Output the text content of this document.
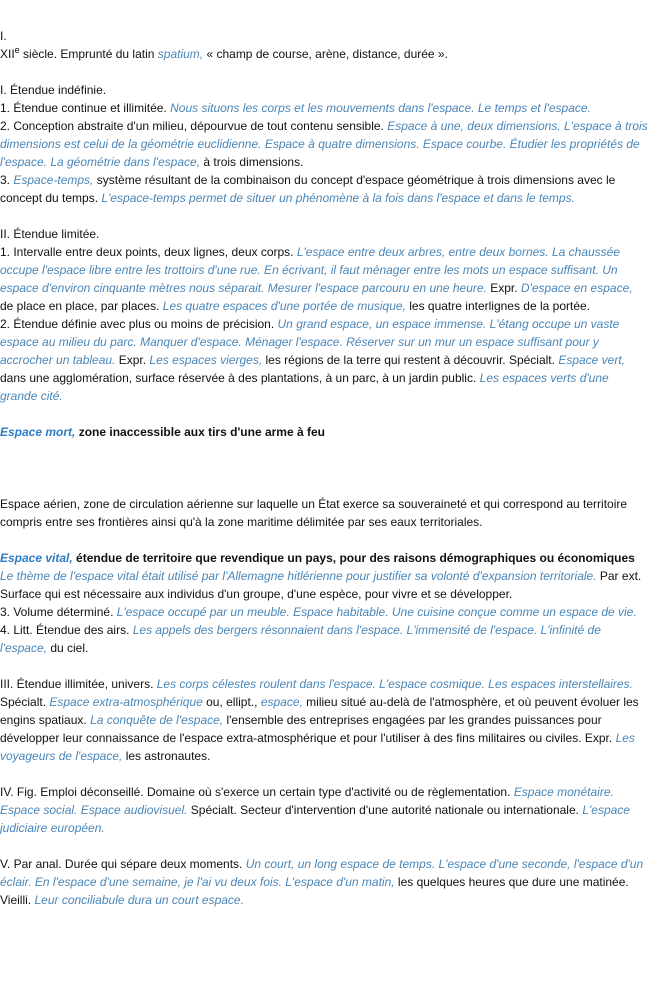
I.

XIIe siècle. Emprunté du latin spatium, « champ de course, arène, distance, durée ».

I. Étendue indéfinie.

1. Étendue continue et illimitée. Nous situons les corps et les mouvements dans l'espace. Le temps et l'espace.

2. Conception abstraite d'un milieu, dépourvue de tout contenu sensible. Espace à une, deux dimensions. L'espace à trois dimensions est celui de la géométrie euclidienne. Espace à quatre dimensions. Espace courbe. Étudier les propriétés de l'espace. La géométrie dans l'espace, à trois dimensions.

3. Espace-temps, système résultant de la combinaison du concept d'espace géométrique à trois dimensions avec le concept du temps. L'espace-temps permet de situer un phénomène à la fois dans l'espace et dans le temps.

II. Étendue limitée.

1. Intervalle entre deux points, deux lignes, deux corps. L'espace entre deux arbres, entre deux bornes. La chaussée occupe l'espace libre entre les trottoirs d'une rue. En écrivant, il faut ménager entre les mots un espace suffisant. Un espace d'environ cinquante mètres nous séparait. Mesurer l'espace parcouru en une heure. Expr. D'espace en espace, de place en place, par places. Les quatre espaces d'une portée de musique, les quatre interlignes de la portée.

2. Étendue définie avec plus ou moins de précision. Un grand espace, un espace immense. L'étang occupe un vaste espace au milieu du parc. Manquer d'espace. Ménager l'espace. Réserver sur un mur un espace suffisant pour y accrocher un tableau. Expr. Les espaces vierges, les régions de la terre qui restent à découvrir. Spécialt. Espace vert, dans une agglomération, surface réservée à des plantations, à un parc, à un jardin public. Les espaces verts d'une grande cité.

Espace mort, zone inaccessible aux tirs d'une arme à feu

Espace aérien, zone de circulation aérienne sur laquelle un État exerce sa souveraineté et qui correspond au territoire compris entre ses frontières ainsi qu'à la zone maritime délimitée par ses eaux territoriales.

Espace vital, étendue de territoire que revendique un pays, pour des raisons démographiques ou économiques

Le thème de l'espace vital était utilisé par l'Allemagne hitlérienne pour justifier sa volonté d'expansion territoriale. Par ext. Surface qui est nécessaire aux individus d'un groupe, d'une espèce, pour vivre et se développer.

3. Volume déterminé. L'espace occupé par un meuble. Espace habitable. Une cuisine conçue comme un espace de vie.

4. Litt. Étendue des airs. Les appels des bergers résonnaient dans l'espace. L'immensité de l'espace. L'infinité de l'espace, du ciel.

III. Étendue illimitée, univers. Les corps célestes roulent dans l'espace. L'espace cosmique. Les espaces interstellaires. Spécialt. Espace extra-atmosphérique ou, ellipt., espace, milieu situé au-delà de l'atmosphère, et où peuvent évoluer les engins spatiaux. La conquête de l'espace, l'ensemble des entreprises engagées par les grandes puissances pour développer leur connaissance de l'espace extra-atmosphérique et pour l'utiliser à des fins militaires ou civiles. Expr. Les voyageurs de l'espace, les astronautes.

IV. Fig. Emploi déconseillé. Domaine où s'exerce un certain type d'activité ou de règlementation. Espace monétaire. Espace social. Espace audiovisuel. Spécialt. Secteur d'intervention d'une autorité nationale ou internationale. L'espace judiciaire européen.

V. Par anal. Durée qui sépare deux moments. Un court, un long espace de temps. L'espace d'une seconde, l'espace d'un éclair. En l'espace d'une semaine, je l'ai vu deux fois. L'espace d'un matin, les quelques heures que dure une matinée. Vieilli. Leur conciliabule dura un court espace.
